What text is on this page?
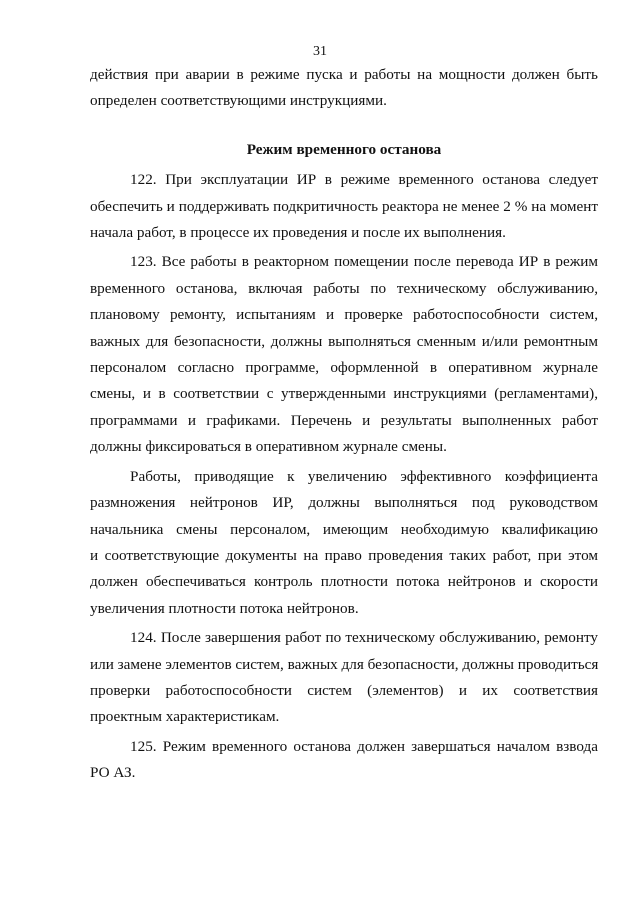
31

действия при аварии в режиме пуска и работы на мощности должен быть
определен соответствующими инструкциями.

Режим временного останова

122. При эксплуатации ИР в режиме временного останова следует
обеспечить и поддерживать подкритичность реактора не менее 2 % на момент
начала работ, в процессе их проведения и после их выполнения.

123. Все работы в реакторном помещении после перевода ИР в режим
временного останова, включая работы по техническому обслуживанию,
плановому ремонту, испытаниям и проверке работоспособности систем,
важных для безопасности, должны выполняться сменным и/или ремонтным
персоналом согласно программе, оформленной в оперативном журнале
смены, и в соответствии с утвержденными инструкциями (регламентами),
программами и графиками. Перечень и результаты выполненных работ
должны фиксироваться в оперативном журнале смены.

Работы, приводящие к увеличению эффективного коэффициента
размножения нейтронов ИР, должны выполняться под руководством
начальника смены персоналом, имеющим необходимую квалификацию
и соответствующие документы на право проведения таких работ, при этом
должен обеспечиваться контроль плотности потока нейтронов и скорости
увеличения плотности потока нейтронов.

124. После завершения работ по техническому обслуживанию, ремонту
или замене элементов систем, важных для безопасности, должны проводиться
проверки работоспособности систем (элементов) и их соответствия
проектным характеристикам.

125. Режим временного останова должен завершаться началом взвода
РО АЗ.
